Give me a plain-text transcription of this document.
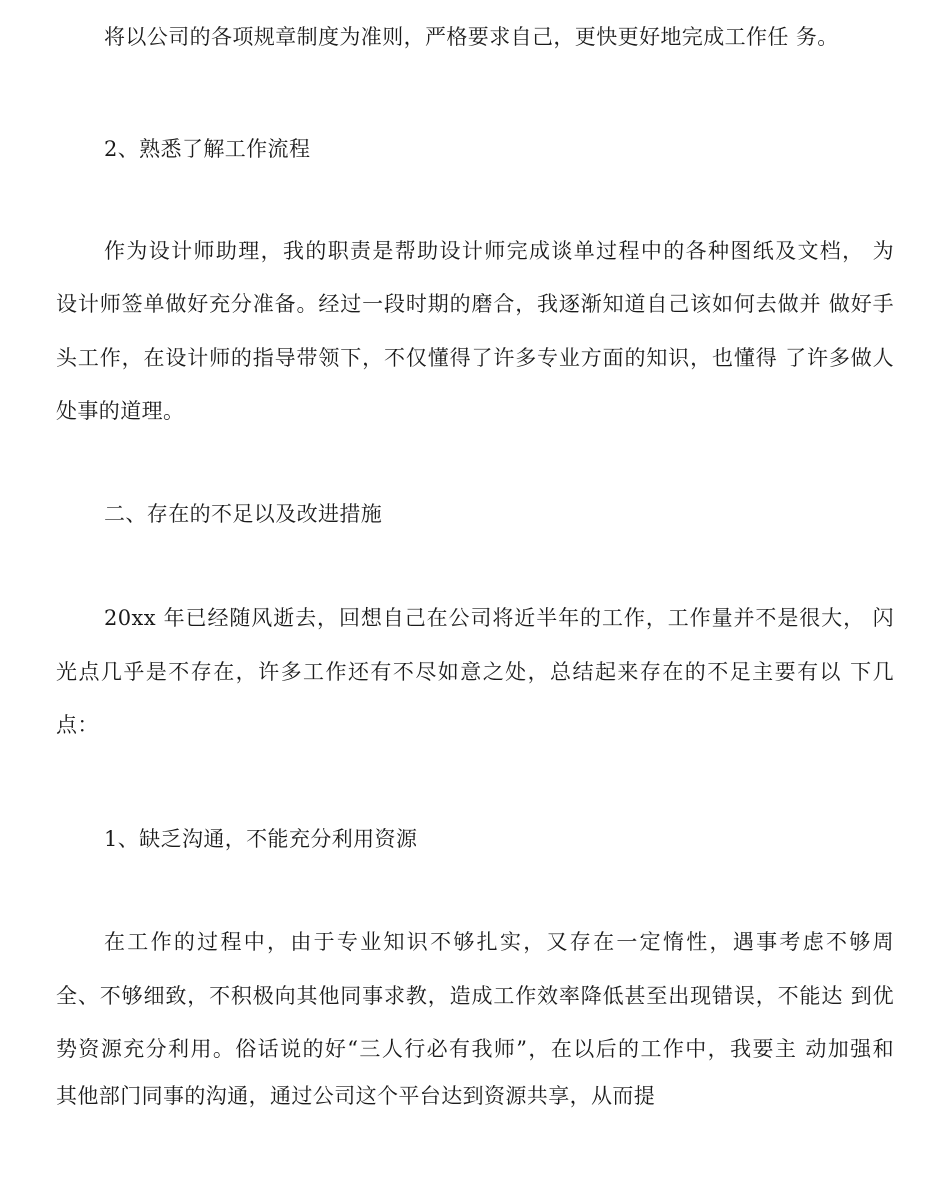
将以公司的各项规章制度为准则，严格要求自己，更快更好地完成工作任 务。
2、熟悉了解工作流程
作为设计师助理，我的职责是帮助设计师完成谈单过程中的各种图纸及文档， 为
设计师签单做好充分准备。经过一段时期的磨合，我逐渐知道自己该如何去做并 做好手
头工作，在设计师的指导带领下，不仅懂得了许多专业方面的知识，也懂得 了许多做人
处事的道理。
二、存在的不足以及改进措施
20xx 年已经随风逝去，回想自己在公司将近半年的工作，工作量并不是很大， 闪
光点几乎是不存在，许多工作还有不尽如意之处，总结起来存在的不足主要有以 下几
点：
1、缺乏沟通，不能充分利用资源
在工作的过程中，由于专业知识不够扎实，又存在一定惰性，遇事考虑不够周
全、不够细致，不积极向其他同事求教，造成工作效率降低甚至出现错误，不能达 到优
势资源充分利用。俗话说的好“三人行必有我师”，在以后的工作中，我要主 动加强和
其他部门同事的沟通，通过公司这个平台达到资源共享，从而提
